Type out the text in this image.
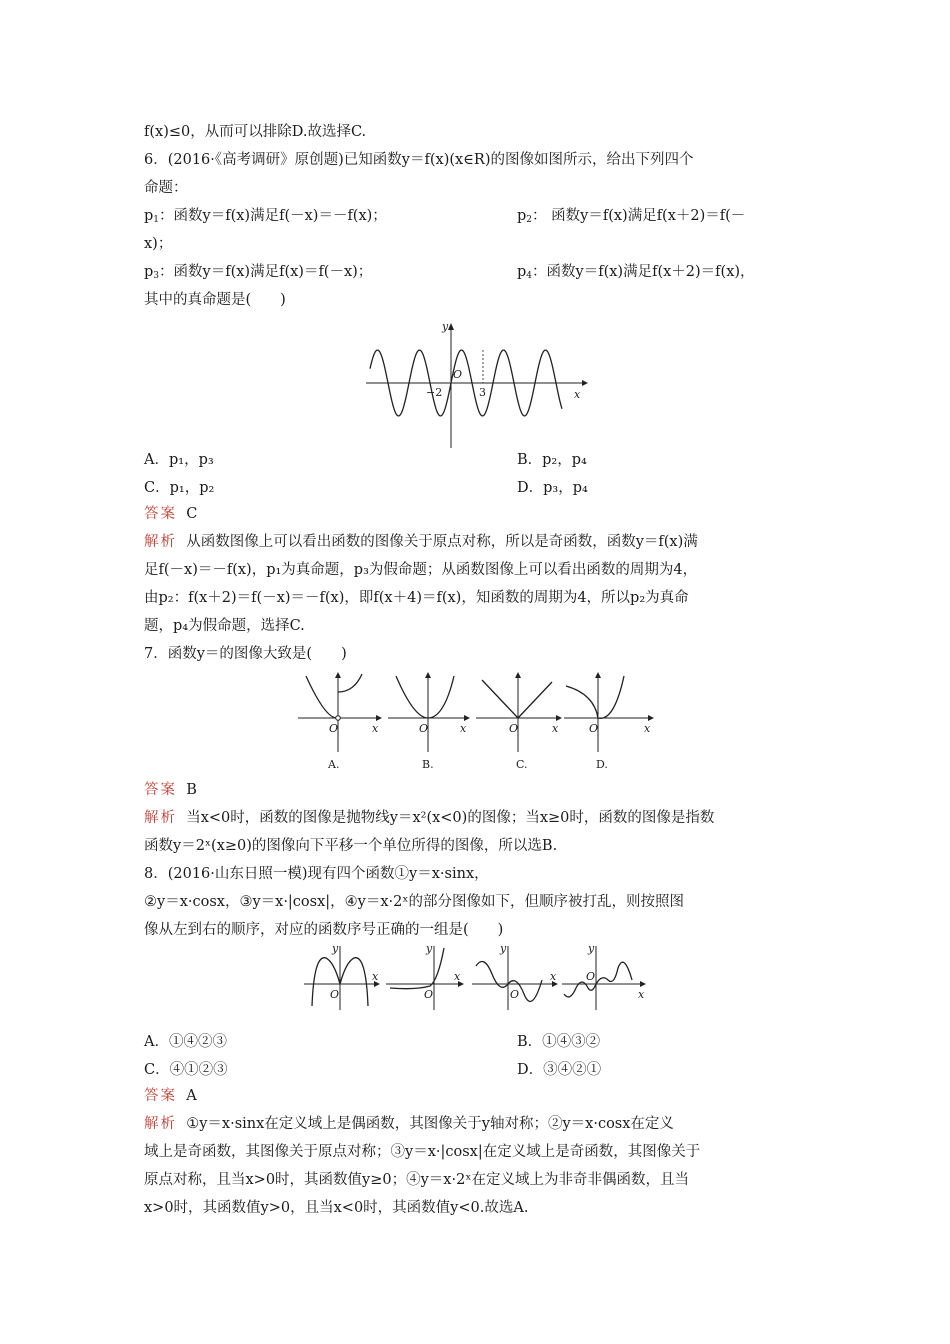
f(x)≤0，从而可以排除D.故选择C.
6．(2016·《高考调研》原创题)已知函数y＝f(x)(x∈R)的图像如图所示，给出下列四个
命题：
$p_1$：函数y＝f(x)满足f(－x)＝－f(x)；	$p_2$： 函数y＝f(x)满足f(x＋2)＝f(－
x)；
$p_3$：函数y＝f(x)满足f(x)＝f(－x)；	$p_4$：函数y＝f(x)满足f(x＋2)＝f(x)，
其中的真命题是(　　)
y
x
O
−2	3
A．p₁，p₃	B．p₂，p₄
C．p₁，p₂	D．p₃，p₄
答案 C
解析 从函数图像上可以看出函数的图像关于原点对称，所以是奇函数，函数y＝f(x)满
足f(－x)＝－f(x)，p₁为真命题，p₃为假命题；从函数图像上可以看出函数的周期为4，
由p₂：f(x＋2)＝f(－x)＝－f(x)，即f(x＋4)＝f(x)，知函数的周期为4，所以p₂为真命
题，p₄为假命题，选择C.
7．函数y＝的图像大致是(　　)
O	x
A.
O	x
B.
O	x
C.
O	x
D.
答案 B
解析 当x<0时，函数的图像是抛物线y＝x²(x<0)的图像；当x≥0时，函数的图像是指数
函数y＝2ˣ(x≥0)的图像向下平移一个单位所得的图像，所以选B.
8．(2016·山东日照一模)现有四个函数①y＝x·sinx，
②y＝x·cosx，③y＝x·|cosx|，④y＝x·2ˣ的部分图像如下，但顺序被打乱，则按照图
像从左到右的顺序，对应的函数序号正确的一组是(　　)
y
O
x
y
O
x
y
O
x
y
O
x
A．①④②③	B．①④③②
C．④①②③	D．③④②①
答案 A
解析 ①y＝x·sinx在定义域上是偶函数，其图像关于y轴对称；②y＝x·cosx在定义
域上是奇函数，其图像关于原点对称；③y＝x·|cosx|在定义域上是奇函数，其图像关于
原点对称，且当x>0时，其函数值y≥0；④y＝x·2ˣ在定义域上为非奇非偶函数，且当
x>0时，其函数值y>0，且当x<0时，其函数值y<0.故选A.
